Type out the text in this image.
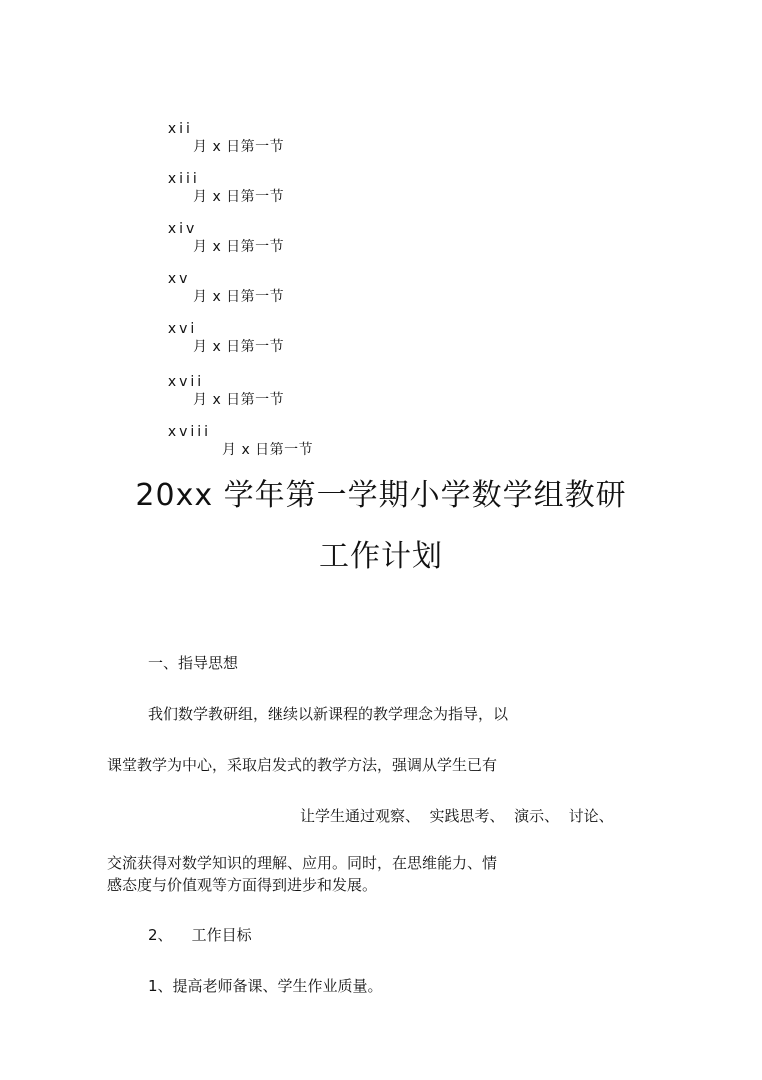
xii

月 x 日第一节

xiii

月 x 日第一节

xiv

月 x 日第一节

xv

月 x 日第一节

xvi

月 x 日第一节

xvii

月 x 日第一节

xviii

月 x 日第一节

20xx 学年第一学期小学数学组教研
工作计划
一、指导思想
我们数学教研组，继续以新课程的教学理念为指导，以
课堂教学为中心，采取启发式的教学方法，强调从学生已有
让学生通过观察、  实践思考、  演示、  讨论、
交流获得对数学知识的理解、应用。同时，在思维能力、情
感态度与价值观等方面得到进步和发展。
2、    工作目标
1、提高老师备课、学生作业质量。
